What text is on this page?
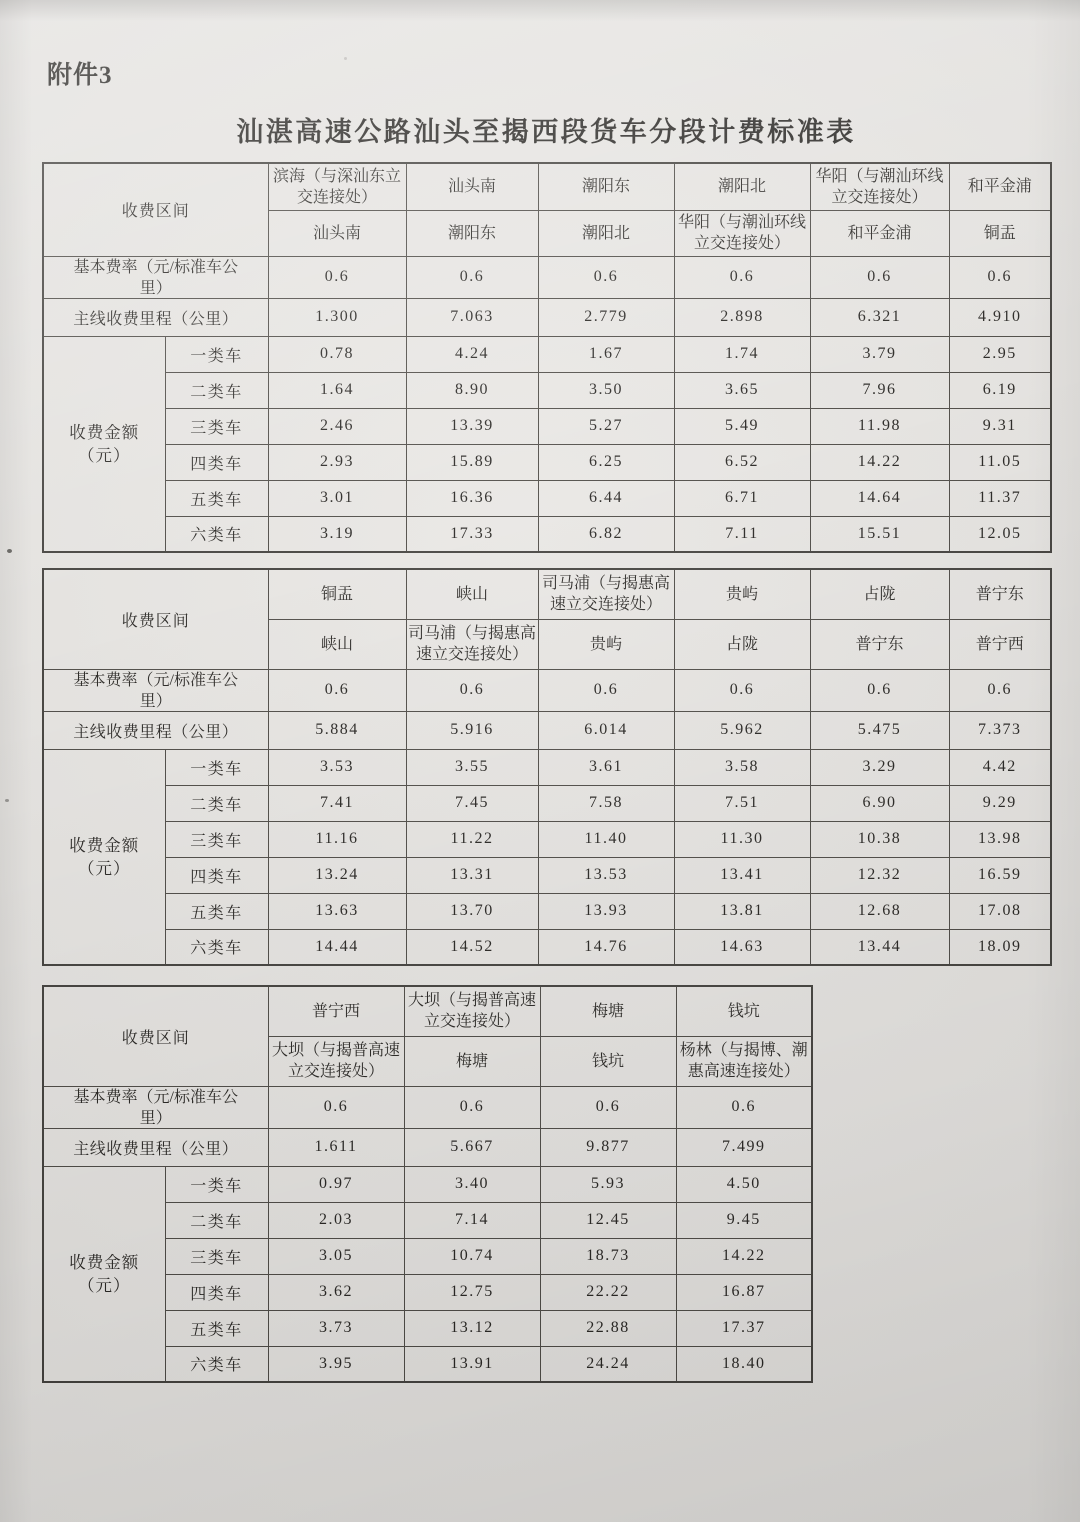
附件3
汕湛高速公路汕头至揭西段货车分段计费标准表
收费区间		滨海（与深汕东立交连接处）	汕头南	潮阳东	潮阳北	华阳（与潮汕环线立交连接处）	和平金浦
		汕头南	潮阳东	潮阳北	华阳（与潮汕环线立交连接处）	和平金浦	铜盂

基本费率（元/标准车公
里）		0.6	0.6	0.6	0.6	0.6	0.6
主线收费里程（公里）		1.300	7.063	2.779	2.898	6.321	4.910

收费金额
（元）	一类车	0.78	4.24	1.67	1.74	3.79	2.95
	二类车	1.64	8.90	3.50	3.65	7.96	6.19
	三类车	2.46	13.39	5.27	5.49	11.98	9.31
	四类车	2.93	15.89	6.25	6.52	14.22	11.05
	五类车	3.01	16.36	6.44	6.71	14.64	11.37
	六类车	3.19	17.33	6.82	7.11	15.51	12.05
收费区间		铜盂	峡山	司马浦（与揭惠高速立交连接处）	贵屿	占陇	普宁东
		峡山	司马浦（与揭惠高速立交连接处）	贵屿	占陇	普宁东	普宁西

基本费率（元/标准车公
里）		0.6	0.6	0.6	0.6	0.6	0.6
主线收费里程（公里）		5.884	5.916	6.014	5.962	5.475	7.373

收费金额
（元）	一类车	3.53	3.55	3.61	3.58	3.29	4.42
	二类车	7.41	7.45	7.58	7.51	6.90	9.29
	三类车	11.16	11.22	11.40	11.30	10.38	13.98
	四类车	13.24	13.31	13.53	13.41	12.32	16.59
	五类车	13.63	13.70	13.93	13.81	12.68	17.08
	六类车	14.44	14.52	14.76	14.63	13.44	18.09
收费区间		普宁西	大坝（与揭普高速立交连接处）	梅塘	钱坑
		大坝（与揭普高速立交连接处）	梅塘	钱坑	杨林（与揭博、潮惠高速连接处）

基本费率（元/标准车公
里）		0.6	0.6	0.6	0.6
主线收费里程（公里）		1.611	5.667	9.877	7.499

收费金额
（元）	一类车	0.97	3.40	5.93	4.50
	二类车	2.03	7.14	12.45	9.45
	三类车	3.05	10.74	18.73	14.22
	四类车	3.62	12.75	22.22	16.87
	五类车	3.73	13.12	22.88	17.37
	六类车	3.95	13.91	24.24	18.40
